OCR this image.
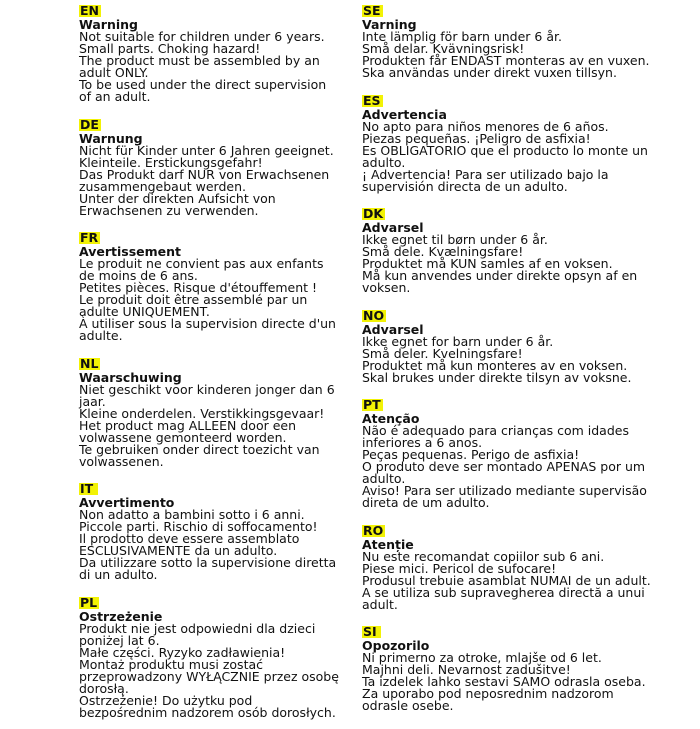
EN
Warning
Not suitable for children under 6 years.
Small parts. Choking hazard!
The product must be assembled by an adult ONLY.
To be used under the direct supervision of an adult.
DE
Warnung
Nicht für Kinder unter 6 Jahren geeignet.
Kleinteile. Erstickungsgefahr!
Das Produkt darf NUR von Erwachsenen zusammengebaut werden.
Unter der direkten Aufsicht von Erwachsenen zu verwenden.
FR
Avertissement
Le produit ne convient pas aux enfants de moins de 6 ans.
Petites pièces. Risque d'étouffement !
Le produit doit être assemblé par un adulte UNIQUEMENT.
À utiliser sous la supervision directe d'un adulte.
NL
Waarschuwing
Niet geschikt voor kinderen jonger dan 6 jaar.
Kleine onderdelen. Verstikkingsgevaar!
Het product mag ALLEEN door een volwassene gemonteerd worden.
Te gebruiken onder direct toezicht van volwassenen.
IT
Avvertimento
Non adatto a bambini sotto i 6 anni.
Piccole parti. Rischio di soffocamento!
Il prodotto deve essere assemblato ESCLUSIVAMENTE da un adulto.
Da utilizzare sotto la supervisione diretta di un adulto.
PL
Ostrzeżenie
Produkt nie jest odpowiedni dla dzieci poniżej lat 6.
Małe części. Ryzyko zadławienia!
Montaż produktu musi zostać przeprowadzony WYŁĄCZNIE przez osobę dorosłą.
Ostrzeżenie! Do użytku pod bezpośrednim nadzorem osób dorosłych.
SE
Varning
Inte lämplig för barn under 6 år.
Små delar. Kvävningsrisk!
Produkten får ENDAST monteras av en vuxen.
Ska användas under direkt vuxen tillsyn.
ES
Advertencia
No apto para niños menores de 6 años.
Piezas pequeñas. ¡Peligro de asfixia!
Es OBLIGATORIO que el producto lo monte un adulto.
¡ Advertencia! Para ser utilizado bajo la supervisión directa de un adulto.
DK
Advarsel
Ikke egnet til børn under 6 år.
Små dele. Kvælningsfare!
Produktet må KUN samles af en voksen.
Må kun anvendes under direkte opsyn af en voksen.
NO
Advarsel
Ikke egnet for barn under 6 år.
Små deler. Kvelningsfare!
Produktet må kun monteres av en voksen.
Skal brukes under direkte tilsyn av voksne.
PT
Atenção
Não é adequado para crianças com idades inferiores a 6 anos.
Peças pequenas. Perigo de asfixia!
O produto deve ser montado APENAS por um adulto.
Aviso! Para ser utilizado mediante supervisão direta de um adulto.
RO
Atenție
Nu este recomandat copiilor sub 6 ani.
Piese mici. Pericol de sufocare!
Produsul trebuie asamblat NUMAI de un adult.
A se utiliza sub supravegherea directă a unui adult.
SI
Opozorilo
Ni primerno za otroke, mlajše od 6 let.
Majhni deli. Nevarnost zadušitve!
Ta izdelek lahko sestavi SAMO odrasla oseba.
Za uporabo pod neposrednim nadzorom odrasle osebe.
